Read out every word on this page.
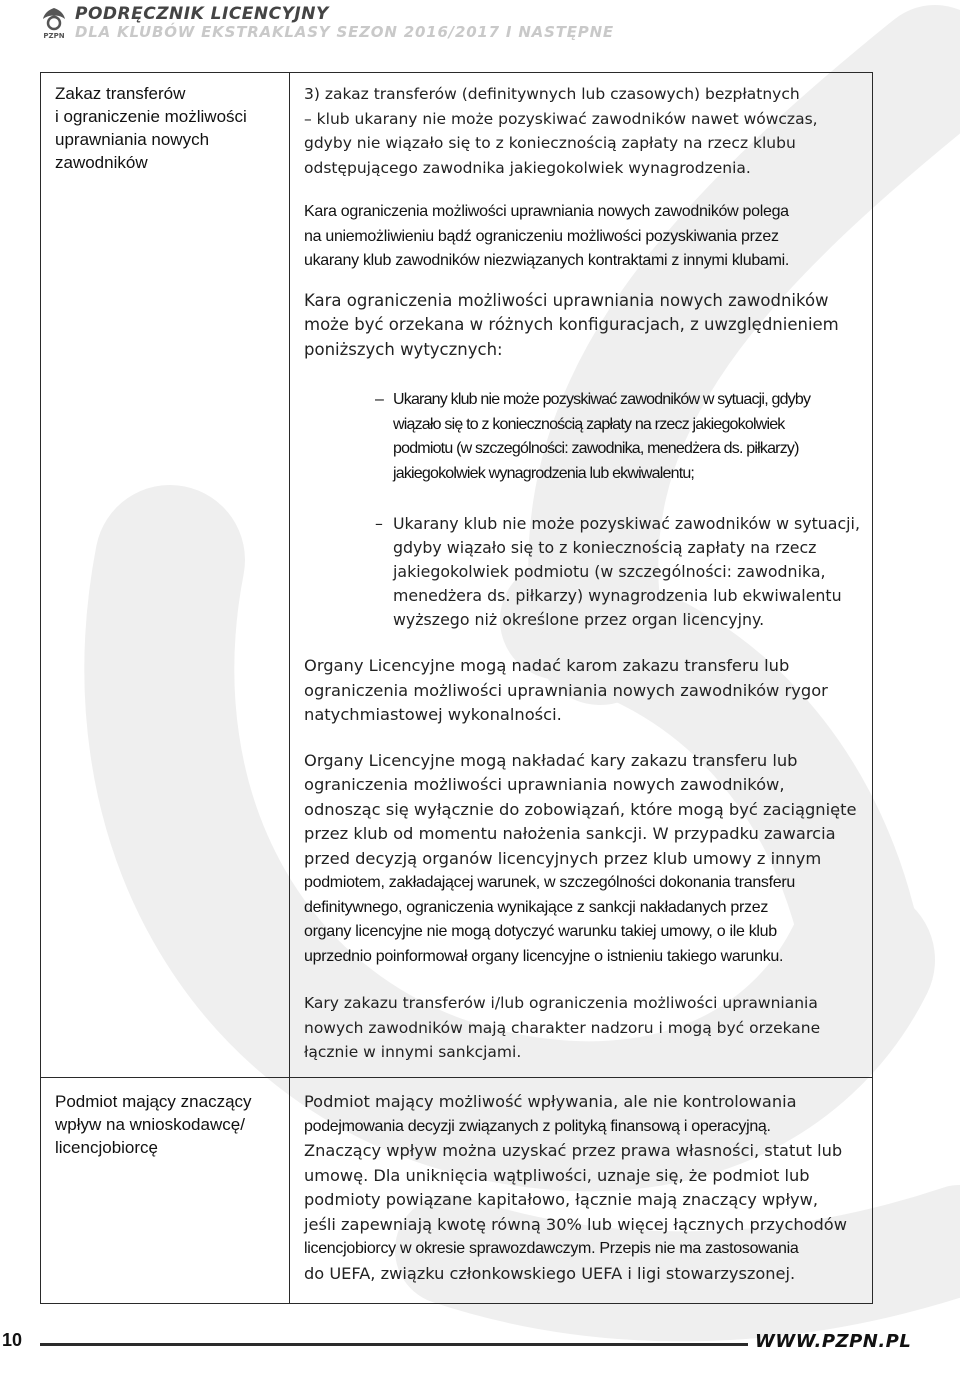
PZPN
PODRĘCZNIK LICENCYJNY
DLA KLUBÓW EKSTRAKLASY SEZON 2016/2017 I NASTĘPNE
Zakaz transferów
i ograniczenie możliwości
uprawniania nowych
zawodników

3) zakaz transferów (definitywnych lub czasowych) bezpłatnych
– klub ukarany nie może pozyskiwać zawodników nawet wówczas,
gdyby nie wiązało się to z koniecznością zapłaty na rzecz klubu
odstępującego zawodnika jakiegokolwiek wynagrodzenia.

Kara ograniczenia możliwości uprawniania nowych zawodników polega
na uniemożliwieniu bądź ograniczeniu możliwości pozyskiwania przez
ukarany klub zawodników niezwiązanych kontraktami z innymi klubami.

Kara ograniczenia możliwości uprawniania nowych zawodników
może być orzekana w różnych konfiguracjach, z uwzględnieniem
poniższych wytycznych:

– Ukarany klub nie może pozyskiwać zawodników w sytuacji, gdyby
wiązało się to z koniecznością zapłaty na rzecz jakiegokolwiek
podmiotu (w szczególności: zawodnika, menedżera ds. piłkarzy)
jakiegokolwiek wynagrodzenia lub ekwiwalentu;
– Ukarany klub nie może pozyskiwać zawodników w sytuacji,
gdyby wiązało się to z koniecznością zapłaty na rzecz
jakiegokolwiek podmiotu (w szczególności: zawodnika,
menedżera ds. piłkarzy) wynagrodzenia lub ekwiwalentu
wyższego niż określone przez organ licencyjny.

Organy Licencyjne mogą nadać karom zakazu transferu lub
ograniczenia możliwości uprawniania nowych zawodników rygor
natychmiastowej wykonalności.

Organy Licencyjne mogą nakładać kary zakazu transferu lub
ograniczenia możliwości uprawniania nowych zawodników,
odnosząc się wyłącznie do zobowiązań, które mogą być zaciągnięte
przez klub od momentu nałożenia sankcji. W przypadku zawarcia
przed decyzją organów licencyjnych przez klub umowy z innym

podmiotem, zakładającej warunek, w szczególności dokonania transferu
definitywnego, ograniczenia wynikające z sankcji nakładanych przez
organy licencyjne nie mogą dotyczyć warunku takiej umowy, o ile klub
uprzednio poinformował organy licencyjne o istnieniu takiego warunku.

Kary zakazu transferów i/lub ograniczenia możliwości uprawniania
nowych zawodników mają charakter nadzoru i mogą być orzekane
łącznie w innymi sankcjami.

Podmiot mający znaczący
wpływ na wnioskodawcę/
licencjobiorcę

Podmiot mający możliwość wpływania, ale nie kontrolowania

podejmowania decyzji związanych z polityką finansową i operacyjną.

Znaczący wpływ można uzyskać przez prawa własności, statut lub
umowę. Dla uniknięcia wątpliwości, uznaje się, że podmiot lub
podmioty powiązane kapitałowo, łącznie mają znaczący wpływ,
jeśli zapewniają kwotę równą 30% lub więcej łącznych przychodów

licencjobiorcy w okresie sprawozdawczym. Przepis nie ma zastosowania

do UEFA, związku członkowskiego UEFA i ligi stowarzyszonej.

10	WWW.PZPN.PL
